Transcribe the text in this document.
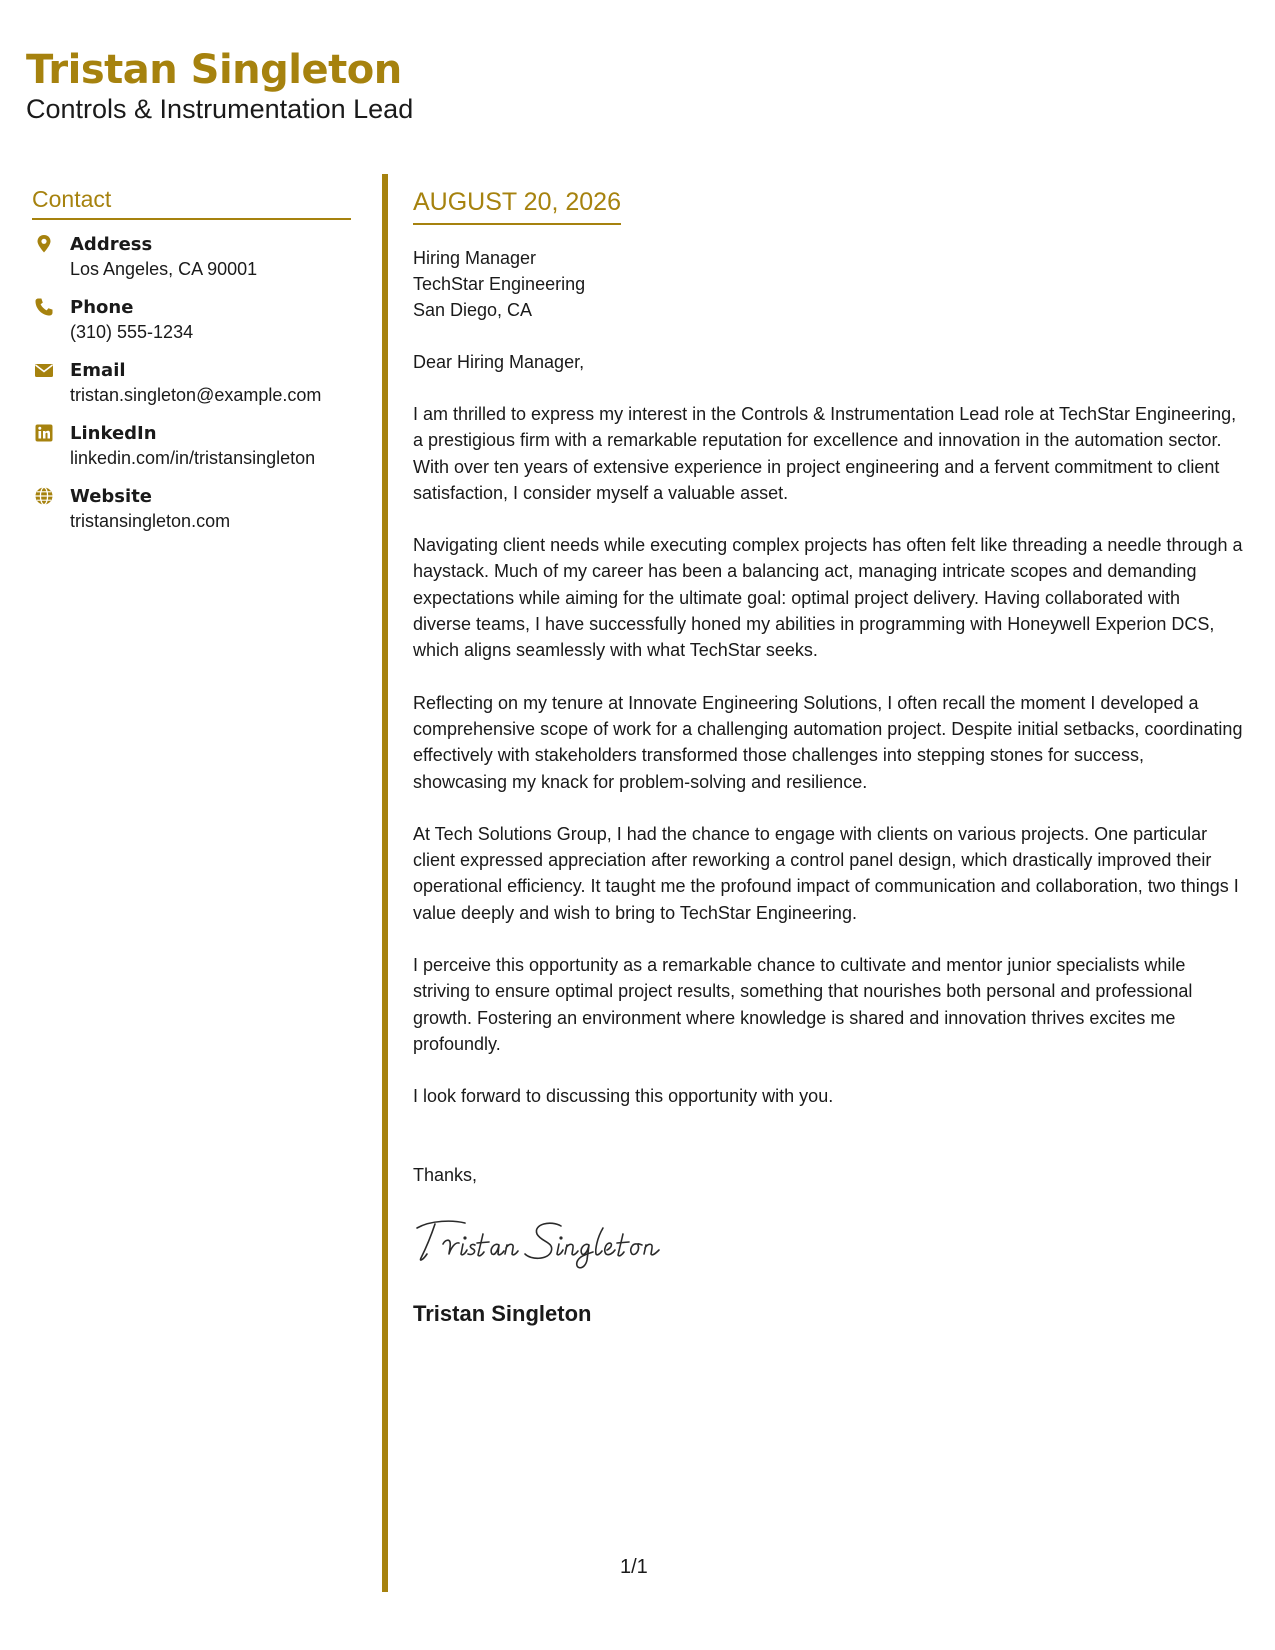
Tristan Singleton
Controls & Instrumentation Lead
Contact
Address
Los Angeles, CA 90001
Phone
(310) 555-1234
Email
tristan.singleton@example.com
LinkedIn
linkedin.com/in/tristansingleton
Website
tristansingleton.com
AUGUST 20, 2026
Hiring Manager
TechStar Engineering
San Diego, CA
Dear Hiring Manager,

I am thrilled to express my interest in the Controls & Instrumentation Lead role at TechStar Engineering, a prestigious firm with a remarkable reputation for excellence and innovation in the automation sector. With over ten years of extensive experience in project engineering and a fervent commitment to client satisfaction, I consider myself a valuable asset.

Navigating client needs while executing complex projects has often felt like threading a needle through a haystack. Much of my career has been a balancing act, managing intricate scopes and demanding expectations while aiming for the ultimate goal: optimal project delivery. Having collaborated with diverse teams, I have successfully honed my abilities in programming with Honeywell Experion DCS, which aligns seamlessly with what TechStar seeks.

Reflecting on my tenure at Innovate Engineering Solutions, I often recall the moment I developed a comprehensive scope of work for a challenging automation project. Despite initial setbacks, coordinating effectively with stakeholders transformed those challenges into stepping stones for success, showcasing my knack for problem-solving and resilience.

At Tech Solutions Group, I had the chance to engage with clients on various projects. One particular client expressed appreciation after reworking a control panel design, which drastically improved their operational efficiency. It taught me the profound impact of communication and collaboration, two things I value deeply and wish to bring to TechStar Engineering.

I perceive this opportunity as a remarkable chance to cultivate and mentor junior specialists while striving to ensure optimal project results, something that nourishes both personal and professional growth. Fostering an environment where knowledge is shared and innovation thrives excites me profoundly.

I look forward to discussing this opportunity with you.

Thanks,
Tristan Singleton
1/1
